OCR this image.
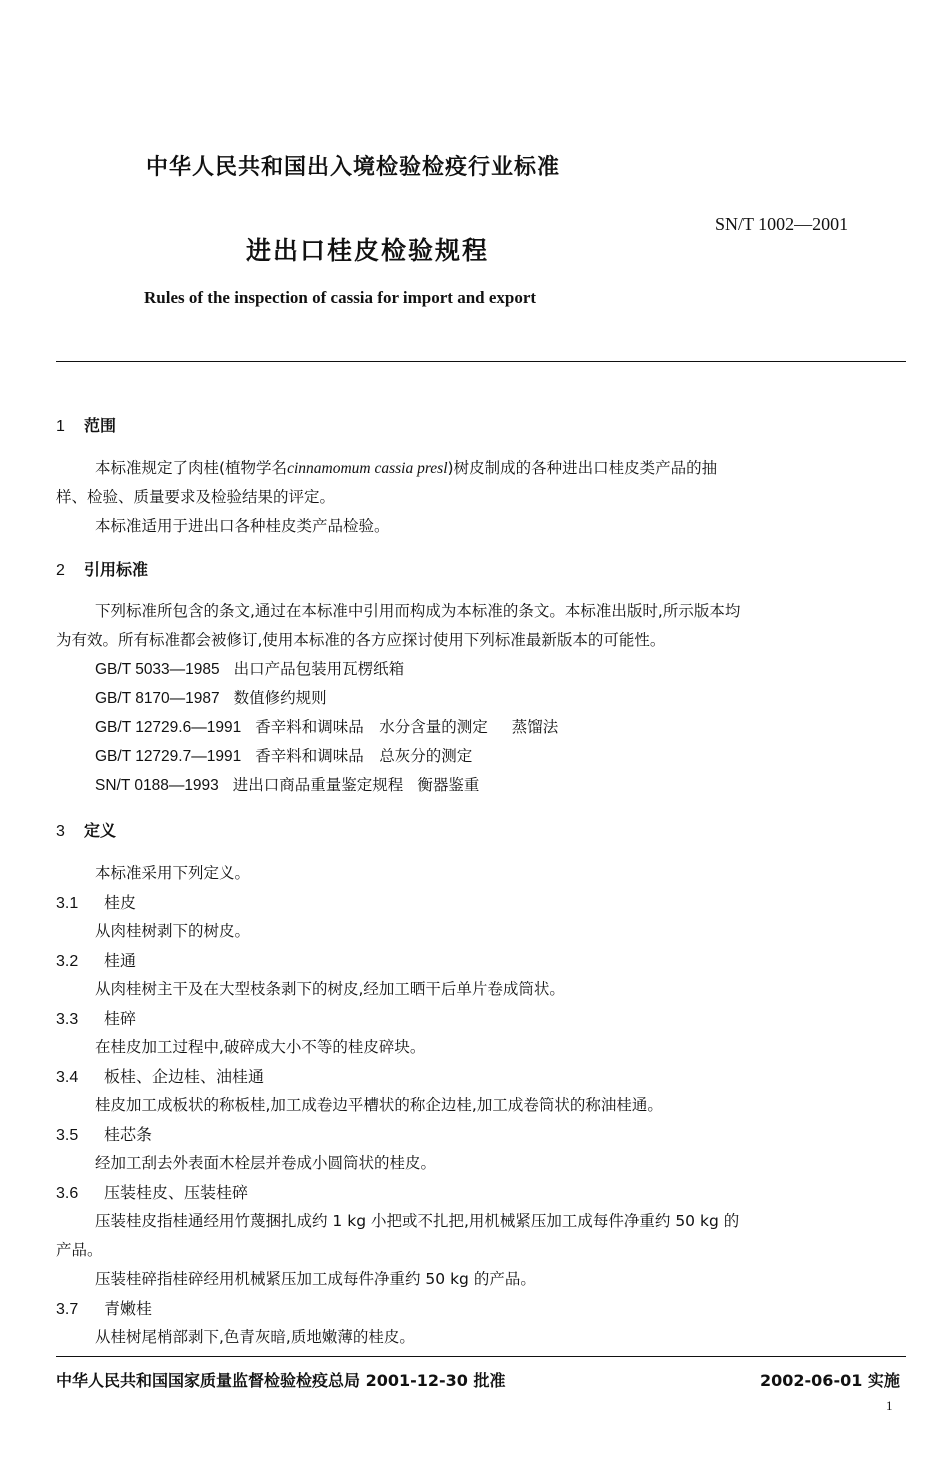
中华人民共和国出入境检验检疫行业标准
SN/T 1002—2001
进出口桂皮检验规程
Rules of the inspection of cassia for import and export
1 范围
本标准规定了肉桂(植物学名cinnamomum cassia presl)树皮制成的各种进出口桂皮类产品的抽
样、检验、质量要求及检验结果的评定。
本标准适用于进出口各种桂皮类产品检验。
2 引用标准
下列标准所包含的条文,通过在本标准中引用而构成为本标准的条文。本标准出版时,所示版本均
为有效。所有标准都会被修订,使用本标准的各方应探讨使用下列标准最新版本的可能性。
GB/T 5033—1985 出口产品包装用瓦楞纸箱
GB/T 8170—1987 数值修约规则
GB/T 12729.6—1991 香辛料和调味品　水分含量的测定 蒸馏法
GB/T 12729.7—1991 香辛料和调味品　总灰分的测定
SN/T 0188—1993 进出口商品重量鉴定规程 衡器鉴重
3 定义
本标准采用下列定义。
3.1 桂皮
从肉桂树剥下的树皮。
3.2 桂通
从肉桂树主干及在大型枝条剥下的树皮,经加工晒干后单片卷成筒状。
3.3 桂碎
在桂皮加工过程中,破碎成大小不等的桂皮碎块。
3.4 板桂、企边桂、油桂通
桂皮加工成板状的称板桂,加工成卷边平槽状的称企边桂,加工成卷筒状的称油桂通。
3.5 桂芯条
经加工刮去外表面木栓层并卷成小圆筒状的桂皮。
3.6 压装桂皮、压装桂碎
压装桂皮指桂通经用竹蔑捆扎成约 1 kg 小把或不扎把,用机械紧压加工成每件净重约 50 kg 的
产品。
压装桂碎指桂碎经用机械紧压加工成每件净重约 50 kg 的产品。
3.7 青嫩桂
从桂树尾梢部剥下,色青灰暗,质地嫩薄的桂皮。
中华人民共和国国家质量监督检验检疫总局 2001-12-30 批准	2002-06-01 实施
1
